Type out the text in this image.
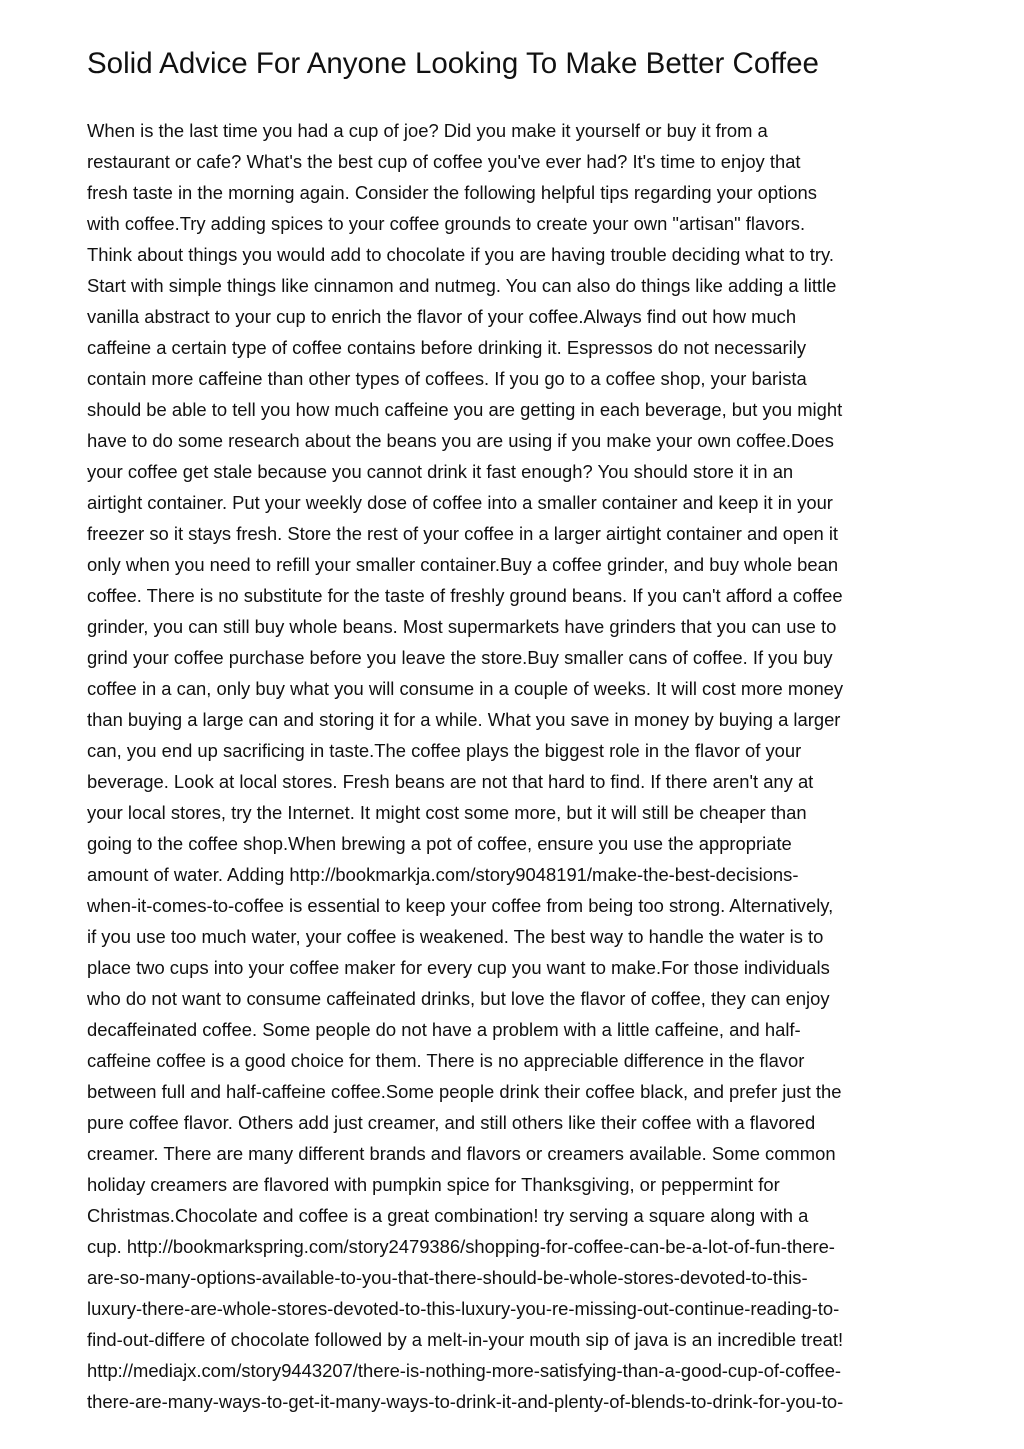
Solid Advice For Anyone Looking To Make Better Coffee
When is the last time you had a cup of joe? Did you make it yourself or buy it from a
restaurant or cafe? What's the best cup of coffee you've ever had? It's time to enjoy that
fresh taste in the morning again. Consider the following helpful tips regarding your options
with coffee.Try adding spices to your coffee grounds to create your own "artisan" flavors.
Think about things you would add to chocolate if you are having trouble deciding what to try.
Start with simple things like cinnamon and nutmeg. You can also do things like adding a little
vanilla abstract to your cup to enrich the flavor of your coffee.Always find out how much
caffeine a certain type of coffee contains before drinking it. Espressos do not necessarily
contain more caffeine than other types of coffees. If you go to a coffee shop, your barista
should be able to tell you how much caffeine you are getting in each beverage, but you might
have to do some research about the beans you are using if you make your own coffee.Does
your coffee get stale because you cannot drink it fast enough? You should store it in an
airtight container. Put your weekly dose of coffee into a smaller container and keep it in your
freezer so it stays fresh. Store the rest of your coffee in a larger airtight container and open it
only when you need to refill your smaller container.Buy a coffee grinder, and buy whole bean
coffee. There is no substitute for the taste of freshly ground beans. If you can't afford a coffee
grinder, you can still buy whole beans. Most supermarkets have grinders that you can use to
grind your coffee purchase before you leave the store.Buy smaller cans of coffee. If you buy
coffee in a can, only buy what you will consume in a couple of weeks. It will cost more money
than buying a large can and storing it for a while. What you save in money by buying a larger
can, you end up sacrificing in taste.The coffee plays the biggest role in the flavor of your
beverage. Look at local stores. Fresh beans are not that hard to find. If there aren't any at
your local stores, try the Internet. It might cost some more, but it will still be cheaper than
going to the coffee shop.When brewing a pot of coffee, ensure you use the appropriate
amount of water. Adding http://bookmarkja.com/story9048191/make-the-best-decisions-
when-it-comes-to-coffee is essential to keep your coffee from being too strong. Alternatively,
if you use too much water, your coffee is weakened. The best way to handle the water is to
place two cups into your coffee maker for every cup you want to make.For those individuals
who do not want to consume caffeinated drinks, but love the flavor of coffee, they can enjoy
decaffeinated coffee. Some people do not have a problem with a little caffeine, and half-
caffeine coffee is a good choice for them. There is no appreciable difference in the flavor
between full and half-caffeine coffee.Some people drink their coffee black, and prefer just the
pure coffee flavor. Others add just creamer, and still others like their coffee with a flavored
creamer. There are many different brands and flavors or creamers available. Some common
holiday creamers are flavored with pumpkin spice for Thanksgiving, or peppermint for
Christmas.Chocolate and coffee is a great combination! try serving a square along with a
cup. http://bookmarkspring.com/story2479386/shopping-for-coffee-can-be-a-lot-of-fun-there-
are-so-many-options-available-to-you-that-there-should-be-whole-stores-devoted-to-this-
luxury-there-are-whole-stores-devoted-to-this-luxury-you-re-missing-out-continue-reading-to-
find-out-differe of chocolate followed by a melt-in-your mouth sip of java is an incredible treat!
http://mediajx.com/story9443207/there-is-nothing-more-satisfying-than-a-good-cup-of-coffee-
there-are-many-ways-to-get-it-many-ways-to-drink-it-and-plenty-of-blends-to-drink-for-you-to-
